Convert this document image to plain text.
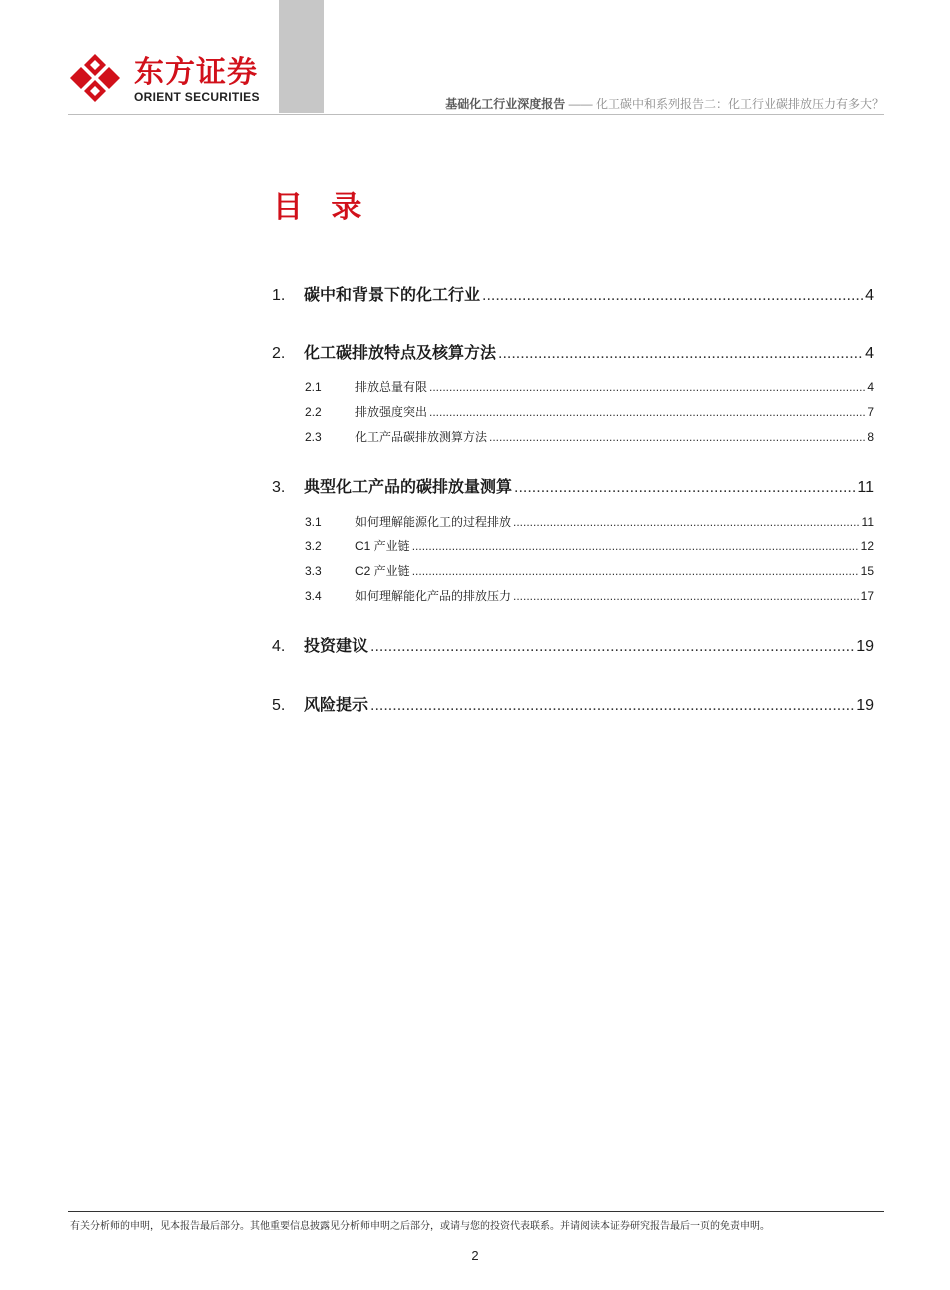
东方证券
ORIENT SECURITIES	基础化工行业深度报告 —— 化工碳中和系列报告二：化工行业碳排放压力有多大？
目 录
1.	碳中和背景下的化工行业 .....	4
2.	化工碳排放特点及核算方法 .....	4
2.1	排放总量有限 .....	4
2.2	排放强度突出 .....	7
2.3	化工产品碳排放测算方法 .....	8
3.	典型化工产品的碳排放量测算 .....	11
3.1	如何理解能源化工的过程排放 .....	11
3.2	C1 产业链 .....	12
3.3	C2 产业链 .....	15
3.4	如何理解能化产品的排放压力 .....	17
4.	投资建议 .....	19
5.	风险提示 .....	19
有关分析师的申明，见本报告最后部分。其他重要信息披露见分析师申明之后部分，或请与您的投资代表联系。并请阅读本证券研究报告最后一页的免责申明。
2
